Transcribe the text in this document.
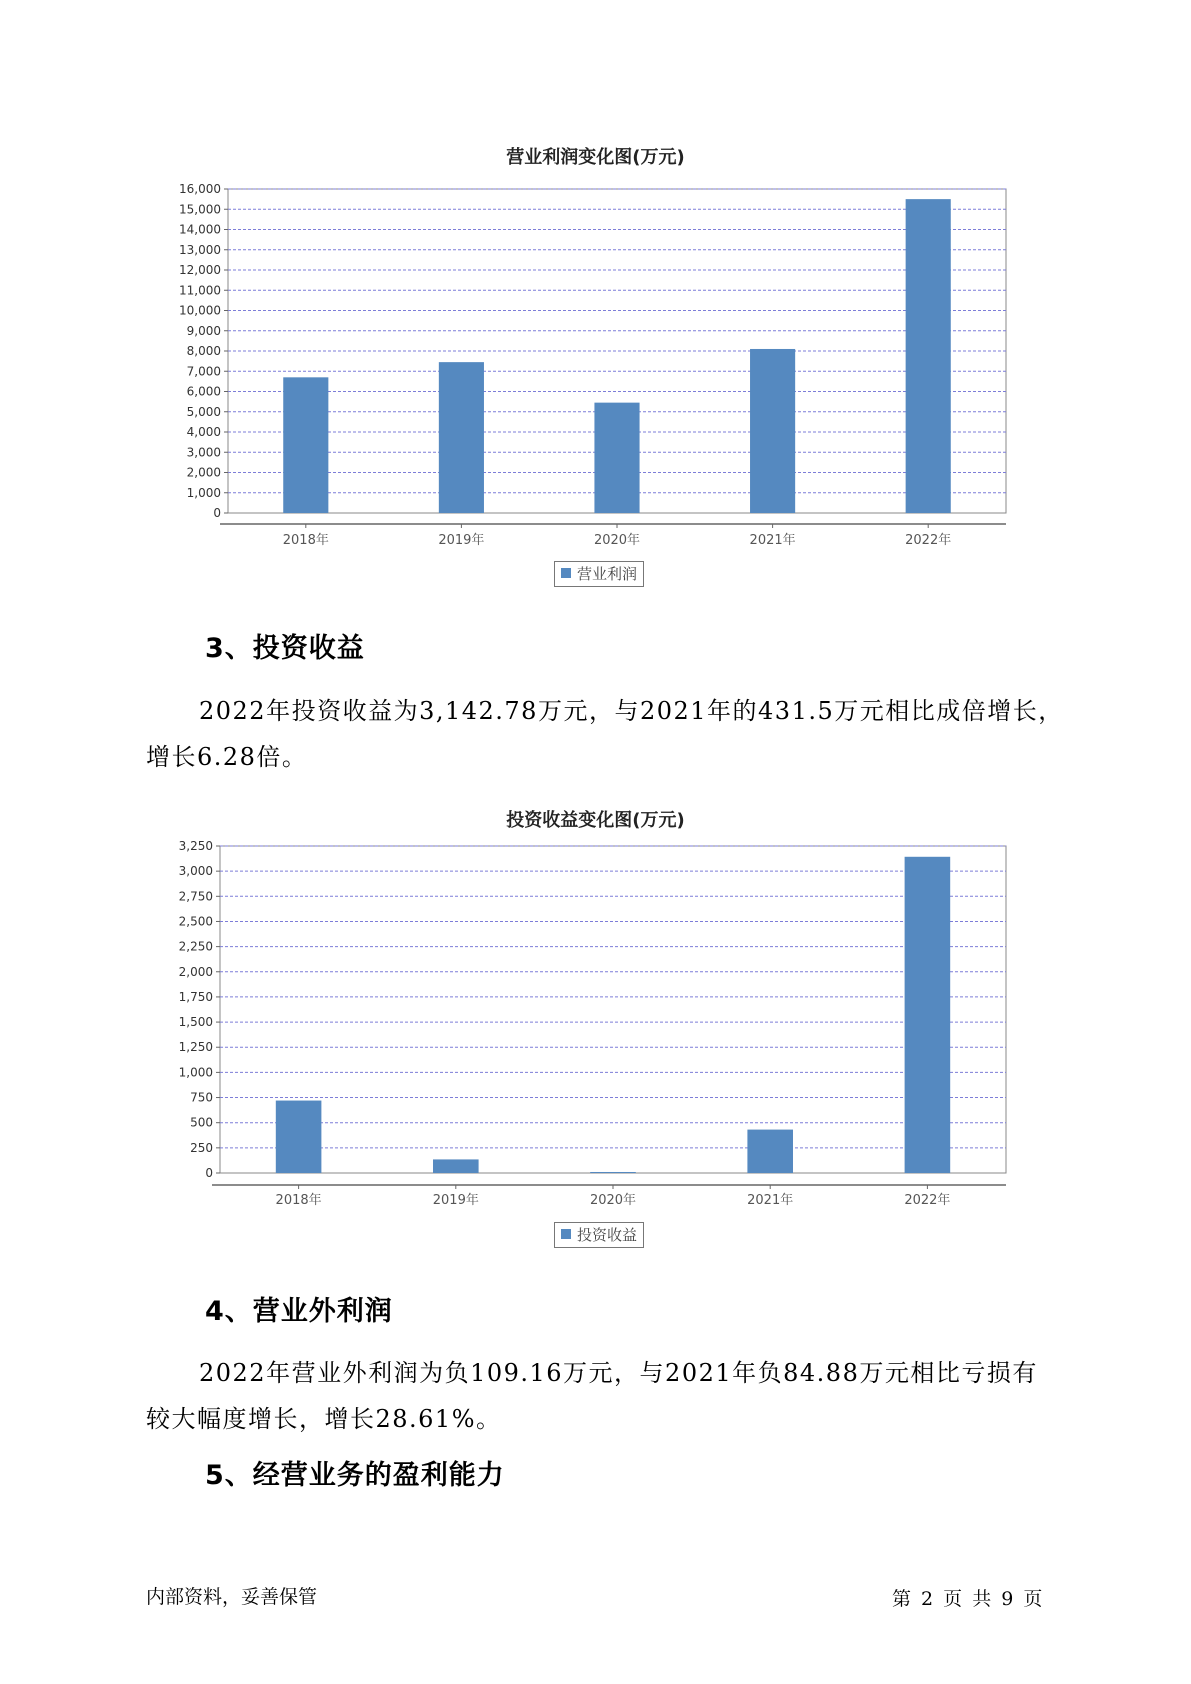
营业利润变化图(万元)
0
1,000
2,000
3,000
4,000
5,000
6,000
7,000
8,000
9,000
10,000
11,000
12,000
13,000
14,000
15,000
16,000
2018年	2019年	2020年	2021年	2022年
营业利润
3、投资收益
2022年投资收益为3,142.78万元，与2021年的431.5万元相比成倍增长，
增长6.28倍。
投资收益变化图(万元)
0
250
500
750
1,000
1,250
1,500
1,750
2,000
2,250
2,500
2,750
3,000
3,250
2018年	2019年	2020年	2021年	2022年
投资收益
4、营业外利润
2022年营业外利润为负109.16万元，与2021年负84.88万元相比亏损有
较大幅度增长，增长28.61%。
5、经营业务的盈利能力
内部资料，妥善保管	第 2 页 共 9 页
